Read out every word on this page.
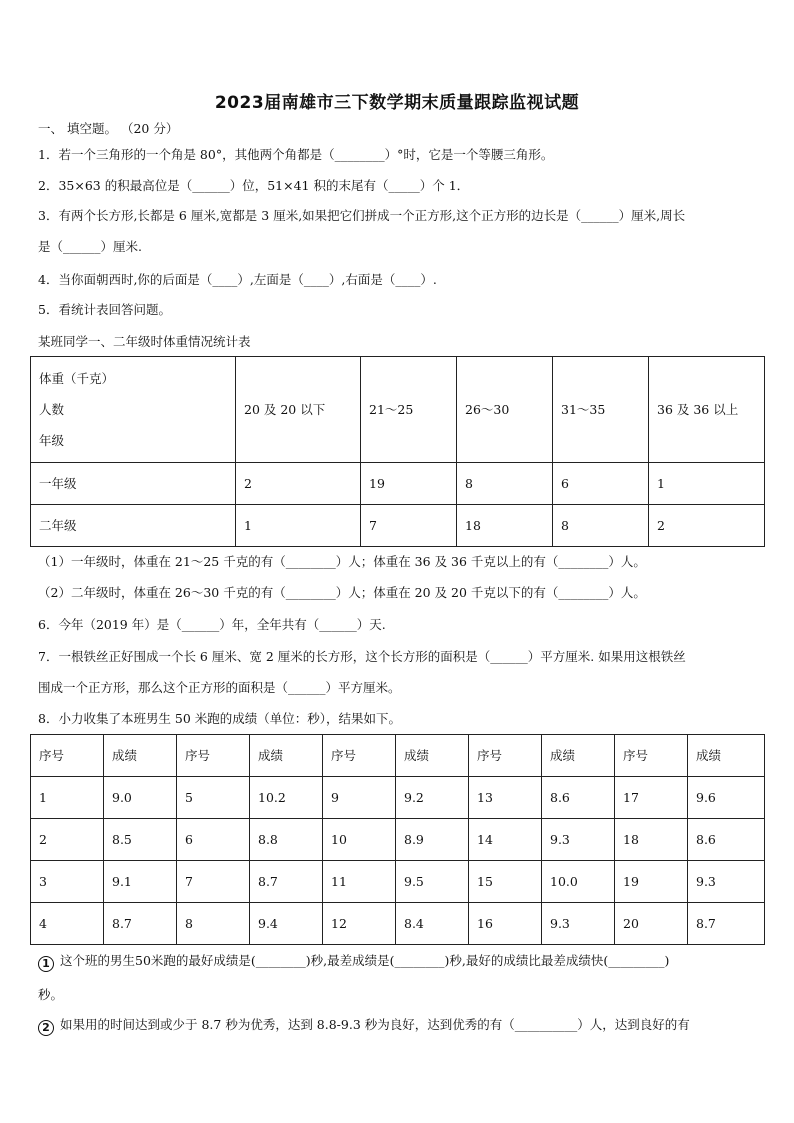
2023届南雄市三下数学期末质量跟踪监视试题
一、 填空题。 （20 分）
1．若一个三角形的一个角是 80°，其他两个角都是（________）°时，它是一个等腰三角形。
2．35×63 的积最高位是（______）位，51×41 积的末尾有（_____）个 1．
3．有两个长方形,长都是 6 厘米,宽都是 3 厘米,如果把它们拼成一个正方形,这个正方形的边长是（______）厘米,周长
是（______）厘米.
4．当你面朝西时,你的后面是（____）,左面是（____）,右面是（____）.
5．看统计表回答问题。
某班同学一、二年级时体重情况统计表
体重（千克）
人数
年级	20 及 20 以下	21～25	26～30	31～35	36 及 36 以上
一年级	2	19	8	6	1
二年级	1	7	18	8	2
（1）一年级时，体重在 21～25 千克的有（________）人；体重在 36 及 36 千克以上的有（________）人。
（2）二年级时，体重在 26～30 千克的有（________）人；体重在 20 及 20 千克以下的有（________）人。
6．今年（2019 年）是（______）年，全年共有（______）天.
7．一根铁丝正好围成一个长 6 厘米、宽 2 厘米的长方形，这个长方形的面积是（______）平方厘米. 如果用这根铁丝
围成一个正方形，那么这个正方形的面积是（______）平方厘米。
8．小力收集了本班男生 50 米跑的成绩（单位：秒），结果如下。
序号	成绩	序号	成绩	序号	成绩	序号	成绩	序号	成绩
1	9.0	5	10.2	9	9.2	13	8.6	17	9.6
2	8.5	6	8.8	10	8.9	14	9.3	18	8.6
3	9.1	7	8.7	11	9.5	15	10.0	19	9.3
4	8.7	8	9.4	12	8.4	16	9.3	20	8.7
1 这个班的男生50米跑的最好成绩是(________)秒,最差成绩是(________)秒,最好的成绩比最差成绩快(_________)
秒。
2 如果用的时间达到或少于 8.7 秒为优秀，达到 8.8-9.3 秒为良好，达到优秀的有（__________）人，达到良好的有
